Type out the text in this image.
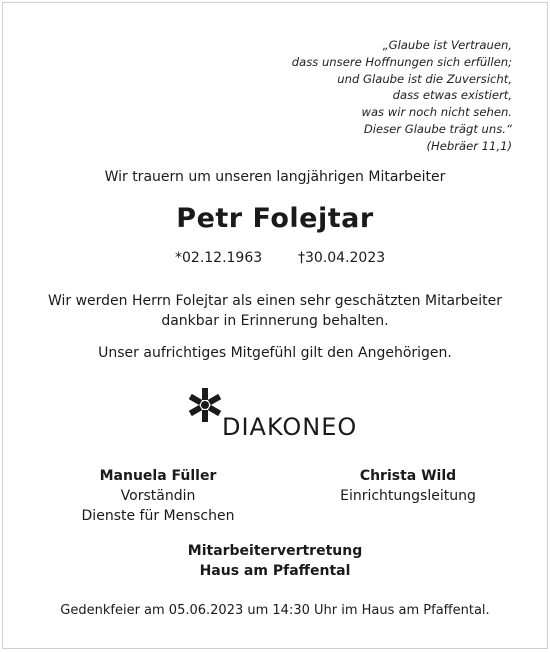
„Glaube ist Vertrauen,
dass unsere Hoffnungen sich erfüllen;
und Glaube ist die Zuversicht,
dass etwas existiert,
was wir noch nicht sehen.
Dieser Glaube trägt uns.“
(Hebräer 11,1)
Wir trauern um unseren langjährigen Mitarbeiter
Petr Folejtar
*02.12.1963	†30.04.2023
Wir werden Herrn Folejtar als einen sehr geschätzten Mitarbeiter
dankbar in Erinnerung behalten.
Unser aufrichtiges Mitgefühl gilt den Angehörigen.
DIAKONEO
Manuela Füller
Vorständin
Dienste für Menschen
Christa Wild
Einrichtungsleitung
Mitarbeitervertretung
Haus am Pfaffental
Gedenkfeier am 05.06.2023 um 14:30 Uhr im Haus am Pfaffental.
